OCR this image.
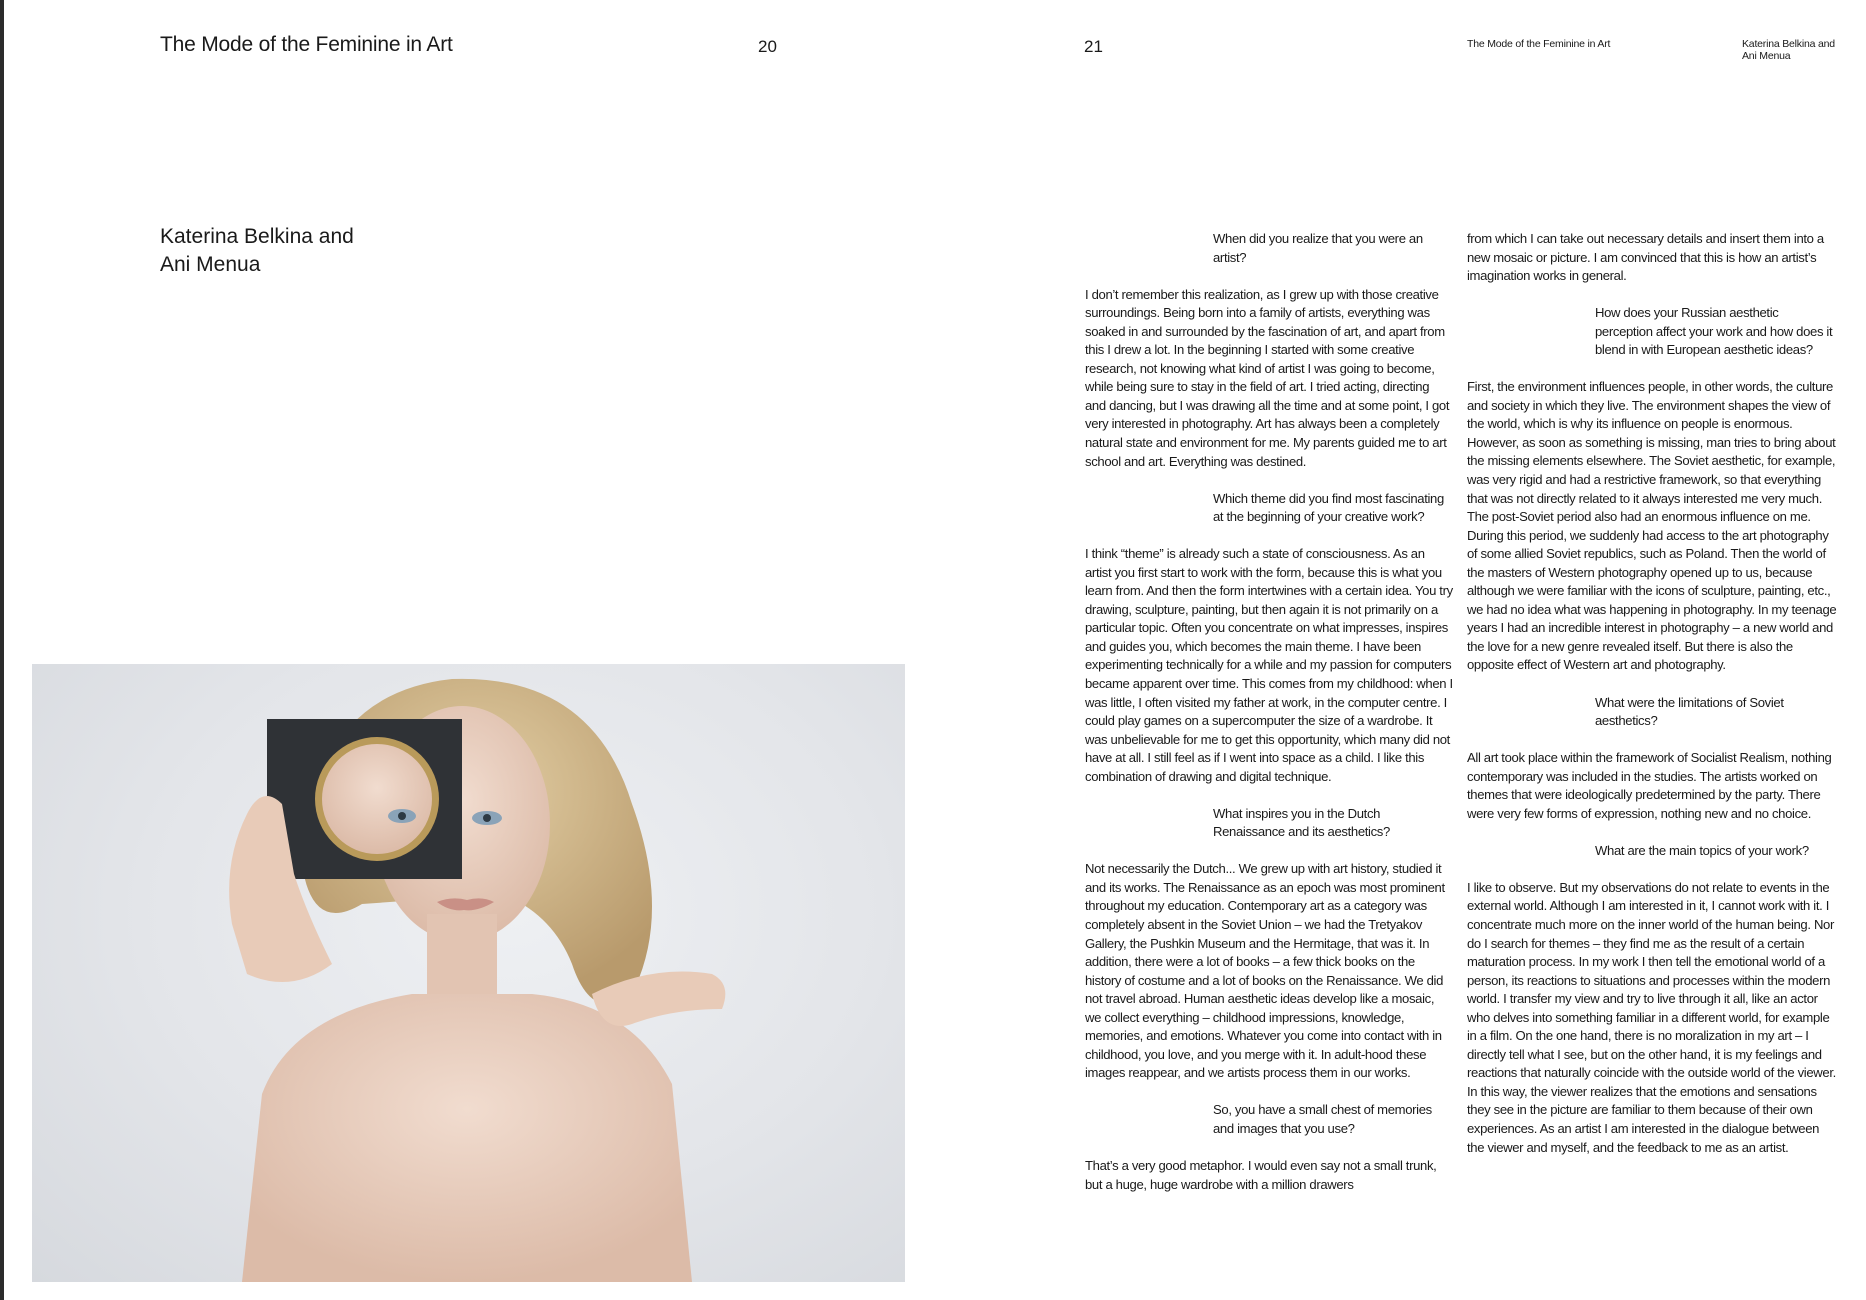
The Mode of the Feminine in Art	20	21	The Mode of the Feminine in Art	Katerina Belkina and
Ani Menua
Katerina Belkina and
Ani Menua

When did you realize that you were an artist?

I don’t remember this realization, as I grew up with those creative surroundings. Being born into a family of artists, everything was soaked in and surrounded by the fascination of art, and apart from this I drew a lot. In the beginning I started with some creative research, not knowing what kind of artist I was going to become, while being sure to stay in the field of art. I tried acting, directing and dancing, but I was drawing all the time and at some point, I got very interested in photography. Art has always been a completely natural state and environment for me. My parents guided me to art school and art. Everything was destined.

Which theme did you find most fascinating at the beginning of your creative work?

I think “theme” is already such a state of consciousness. As an artist you first start to work with the form, because this is what you learn from. And then the form intertwines with a certain idea. You try drawing, sculpture, painting, but then again it is not primarily on a particular topic. Often you concentrate on what impresses, inspires and guides you, which becomes the main theme. I have been experimenting technically for a while and my passion for computers became apparent over time. This comes from my childhood: when I was little, I often visited my father at work, in the computer centre. I could play games on a supercomputer the size of a wardrobe. It was unbelievable for me to get this opportunity, which many did not have at all. I still feel as if I went into space as a child. I like this combination of drawing and digital technique.

What inspires you in the Dutch Renaissance and its aesthetics?

Not necessarily the Dutch... We grew up with art history, studied it and its works. The Renaissance as an epoch was most prominent throughout my education. Contemporary art as a category was completely absent in the Soviet Union – we had the Tretyakov Gallery, the Pushkin Museum and the Hermitage, that was it. In addition, there were a lot of books – a few thick books on the history of costume and a lot of books on the Renaissance. We did not travel abroad. Human aesthetic ideas develop like a mosaic, we collect everything – childhood impressions, knowledge, memories, and emotions. Whatever you come into contact with in childhood, you love, and you merge with it. In adult-hood these images reappear, and we artists process them in our works.

So, you have a small chest of memories and images that you use?

That’s a very good metaphor. I would even say not a small trunk, but a huge, huge wardrobe with a million drawers

from which I can take out necessary details and insert them into a new mosaic or picture. I am convinced that this is how an artist’s imagination works in general.

How does your Russian aesthetic perception affect your work and how does it blend in with European aesthetic ideas?

First, the environment influences people, in other words, the culture and society in which they live. The environment shapes the view of the world, which is why its influence on people is enormous. However, as soon as something is missing, man tries to bring about the missing elements elsewhere. The Soviet aesthetic, for example, was very rigid and had a restrictive framework, so that everything that was not directly related to it always interested me very much. The post-Soviet period also had an enormous influence on me. During this period, we suddenly had access to the art photography of some allied Soviet republics, such as Poland. Then the world of the masters of Western photography opened up to us, because although we were familiar with the icons of sculpture, painting, etc., we had no idea what was happening in photography. In my teenage years I had an incredible interest in photography – a new world and the love for a new genre revealed itself. But there is also the opposite effect of Western art and photography.

What were the limitations of Soviet aesthetics?

All art took place within the framework of Socialist Realism, nothing contemporary was included in the studies. The artists worked on themes that were ideologically predetermined by the party. There were very few forms of expression, nothing new and no choice.

What are the main topics of your work?

I like to observe. But my observations do not relate to events in the external world. Although I am interested in it, I cannot work with it. I concentrate much more on the inner world of the human being. Nor do I search for themes – they find me as the result of a certain maturation process. In my work I then tell the emotional world of a person, its reactions to situations and processes within the modern world. I transfer my view and try to live through it all, like an actor who delves into something familiar in a different world, for example in a film. On the one hand, there is no moralization in my art – I directly tell what I see, but on the other hand, it is my feelings and reactions that naturally coincide with the outside world of the viewer. In this way, the viewer realizes that the emotions and sensations they see in the picture are familiar to them because of their own experiences. As an artist I am interested in the dialogue between the viewer and myself, and the feedback to me as an artist.
